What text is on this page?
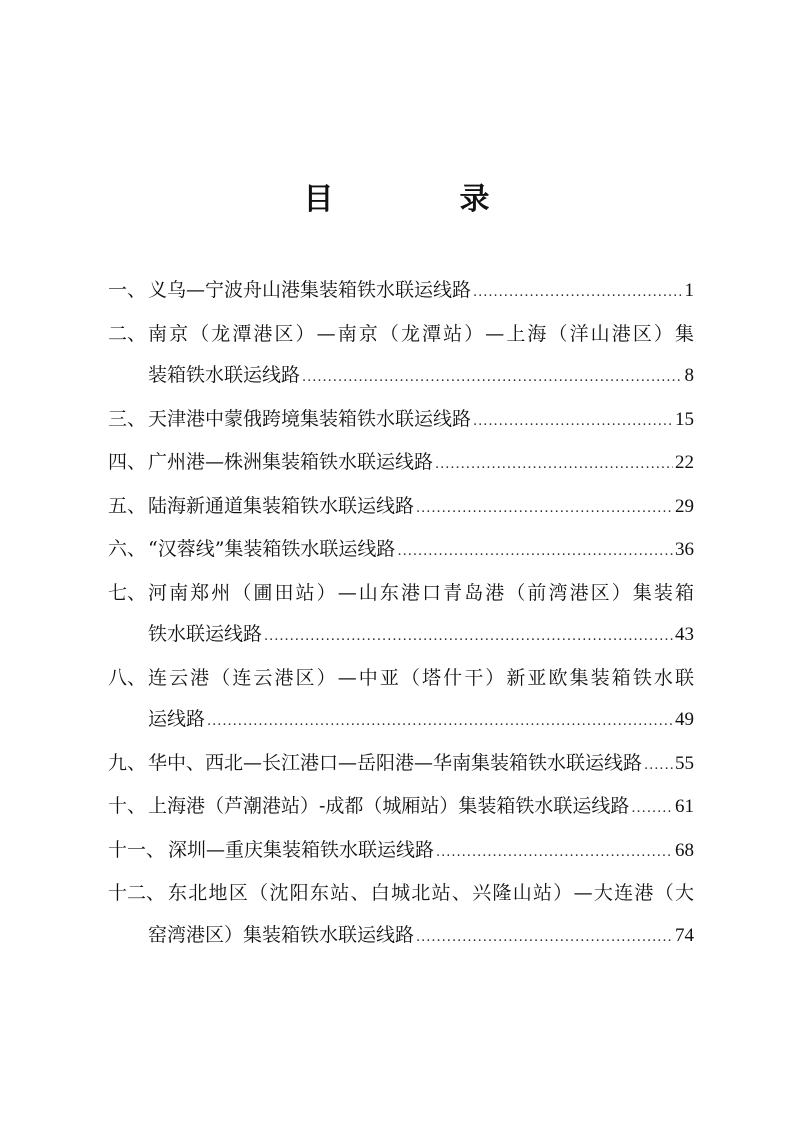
目　录
一、 义乌—宁波舟山港集装箱铁水联运线路 .....	1
二、 南京（龙潭港区）—南京（龙潭站）—上海（洋山港区）集
装箱铁水联运线路 .....	8
三、 天津港中蒙俄跨境集装箱铁水联运线路 .....	15
四、 广州港—株洲集装箱铁水联运线路 .....	22
五、 陆海新通道集装箱铁水联运线路 .....	29
六、 “汉蓉线”集装箱铁水联运线路 .....	36
七、 河南郑州（圃田站）—山东港口青岛港（前湾港区）集装箱
铁水联运线路 .....	43
八、 连云港（连云港区）—中亚（塔什干）新亚欧集装箱铁水联
运线路 .....	49
九、 华中、西北—长江港口—岳阳港—华南集装箱铁水联运线路 ..... 55
十、 上海港（芦潮港站）-成都（城厢站）集装箱铁水联运线路 ..... 61
十一、 深圳—重庆集装箱铁水联运线路 .....	68
十二、 东北地区（沈阳东站、白城北站、兴隆山站）—大连港（大
窑湾港区）集装箱铁水联运线路 .....	74
